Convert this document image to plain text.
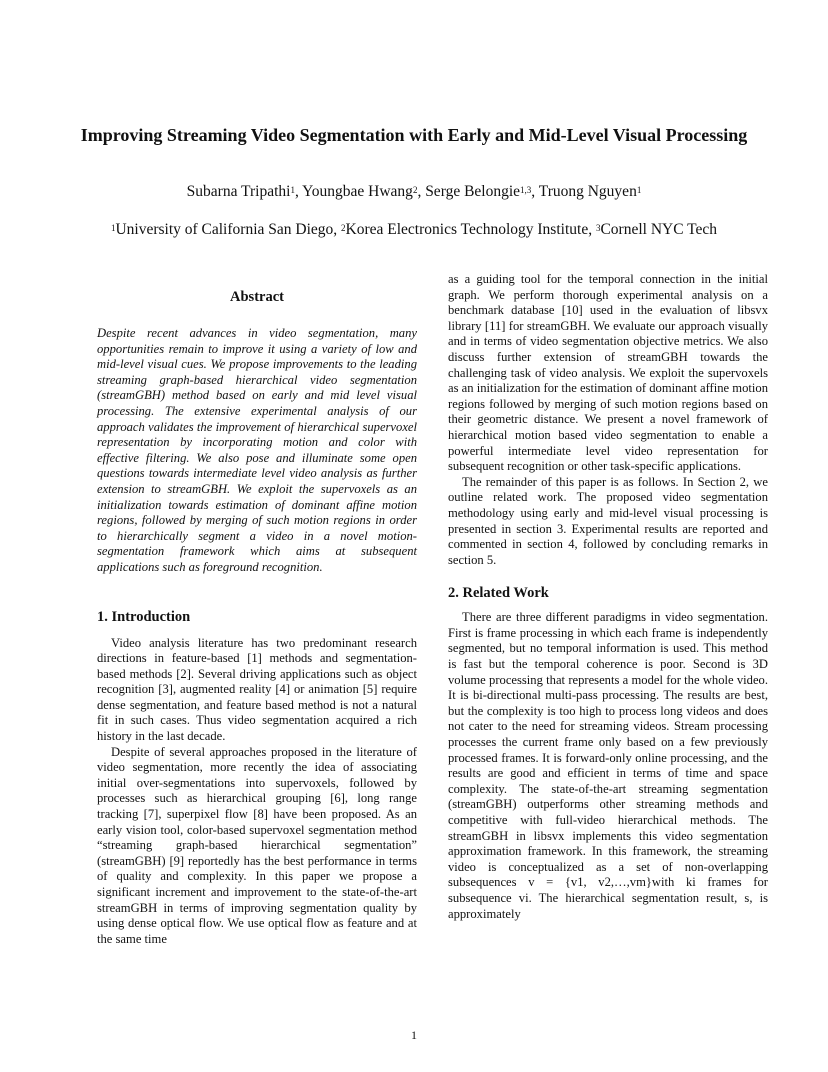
Improving Streaming Video Segmentation with Early and Mid-Level Visual Processing
Subarna Tripathi$^1$, Youngbae Hwang$^2$, Serge Belongie$^{1,3}$, Truong Nguyen$^1$
$^1$University of California San Diego, $^2$Korea Electronics Technology Institute, $^3$Cornell NYC Tech
Abstract

Despite recent advances in video segmentation, many opportunities remain to improve it using a variety of low and mid-level visual cues. We propose improvements to the leading streaming graph-based hierarchical video segmentation (streamGBH) method based on early and mid level visual processing. The extensive experimental analysis of our approach validates the improvement of hierarchical supervoxel representation by incorporating motion and color with effective filtering. We also pose and illuminate some open questions towards intermediate level video analysis as further extension to streamGBH. We exploit the supervoxels as an initialization towards estimation of dominant affine motion regions, followed by merging of such motion regions in order to hierarchically segment a video in a novel motion-segmentation framework which aims at subsequent applications such as foreground recognition.

1. Introduction

Video analysis literature has two predominant research directions in feature-based [1] methods and segmentation-based methods [2]. Several driving applications such as object recognition [3], augmented reality [4] or animation [5] require dense segmentation, and feature based method is not a natural fit in such cases. Thus video segmentation acquired a rich history in the last decade.

Despite of several approaches proposed in the literature of video segmentation, more recently the idea of associating initial over-segmentations into supervoxels, followed by processes such as hierarchical grouping [6], long range tracking [7], superpixel flow [8] have been proposed. As an early vision tool, color-based supervoxel segmentation method “streaming graph-based hierarchical segmentation” (streamGBH) [9] reportedly has the best performance in terms of quality and complexity. In this paper we propose a significant increment and improvement to the state-of-the-art streamGBH in terms of improving segmentation quality by using dense optical flow. We use optical flow as feature and at the same time

as a guiding tool for the temporal connection in the initial graph. We perform thorough experimental analysis on a benchmark database [10] used in the evaluation of libsvx library [11] for streamGBH. We evaluate our approach visually and in terms of video segmentation objective metrics. We also discuss further extension of streamGBH towards the challenging task of video analysis. We exploit the supervoxels as an initialization for the estimation of dominant affine motion regions followed by merging of such motion regions based on their geometric distance. We present a novel framework of hierarchical motion based video segmentation to enable a powerful intermediate level video representation for subsequent recognition or other task-specific applications.

The remainder of this paper is as follows. In Section 2, we outline related work. The proposed video segmentation methodology using early and mid-level visual processing is presented in section 3. Experimental results are reported and commented in section 4, followed by concluding remarks in section 5.

2. Related Work

There are three different paradigms in video segmentation. First is frame processing in which each frame is independently segmented, but no temporal information is used. This method is fast but the temporal coherence is poor. Second is 3D volume processing that represents a model for the whole video. It is bi-directional multi-pass processing. The results are best, but the complexity is too high to process long videos and does not cater to the need for streaming videos. Stream processing processes the current frame only based on a few previously processed frames. It is forward-only online processing, and the results are good and efficient in terms of time and space complexity. The state-of-the-art streaming segmentation (streamGBH) outperforms other streaming methods and competitive with full-video hierarchical methods. The streamGBH in libsvx implements this video segmentation approximation framework. In this framework, the streaming video is conceptualized as a set of non-overlapping subsequences v = {v1, v2,…,vm}with ki frames for subsequence vi. The hierarchical segmentation result, s, is approximately

1
